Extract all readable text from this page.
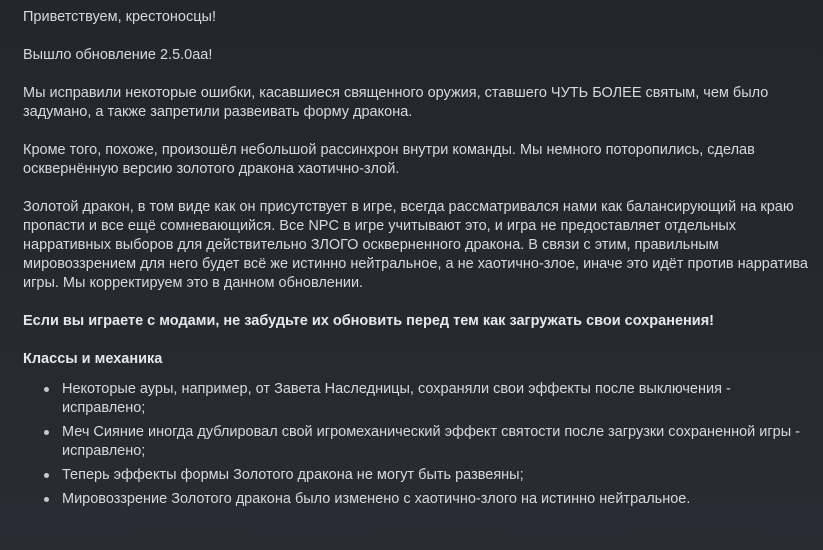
Приветствуем, крестоносцы!

Вышло обновление 2.5.0аа!

Мы исправили некоторые ошибки, касавшиеся священного оружия, ставшего ЧУТЬ БОЛЕЕ святым, чем было задумано, а также запретили развеивать форму дракона.

Кроме того, похоже, произошёл небольшой рассинхрон внутри команды. Мы немного поторопились, сделав осквернённую версию золотого дракона хаотично-злой.

Золотой дракон, в том виде как он присутствует в игре, всегда рассматривался нами как балансирующий на краю пропасти и все ещё сомневающийся. Все NPC в игре учитывают это, и игра не предоставляет отдельных нарративных выборов для действительно ЗЛОГО оскверненного дракона. В связи с этим, правильным мировоззрением для него будет всё же истинно нейтральное, а не хаотично-злое, иначе это идёт против нарратива игры. Мы корректируем это в данном обновлении.

Если вы играете с модами, не забудьте их обновить перед тем как загружать свои сохранения!

Классы и механика
Некоторые ауры, например, от Завета Наследницы, сохраняли свои эффекты после выключения - исправлено;
Меч Сияние иногда дублировал свой игромеханический эффект святости после загрузки сохраненной игры - исправлено;
Теперь эффекты формы Золотого дракона не могут быть развеяны;
Мировоззрение Золотого дракона было изменено с хаотично-злого на истинно нейтральное.
